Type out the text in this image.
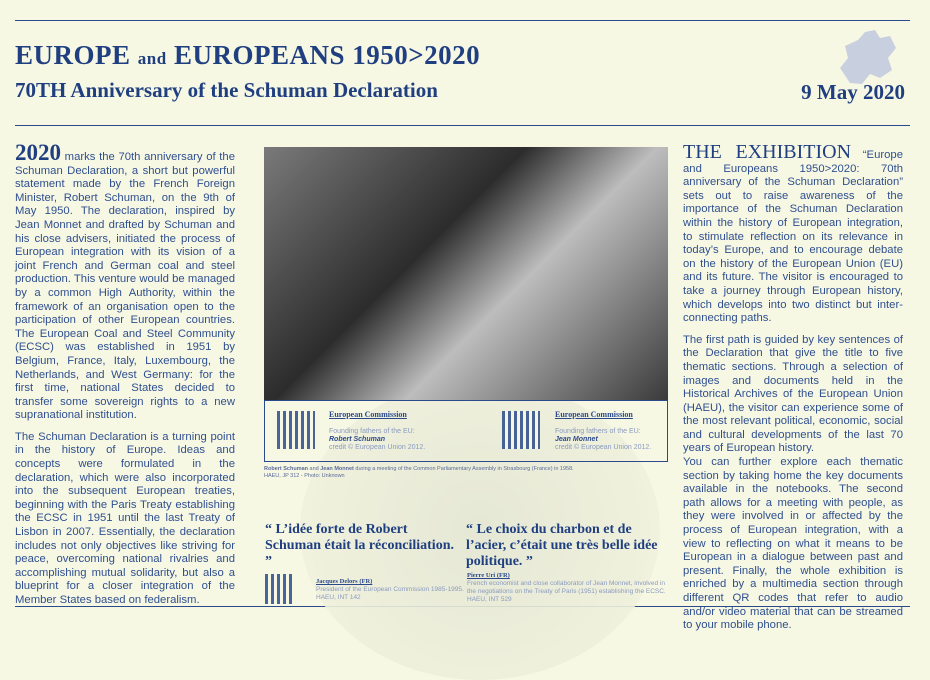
EUROPE and EUROPEANS 1950>2020
70TH Anniversary of the Schuman Declaration	9 May 2020

2020 marks the 70th anniversary of the Schuman Declaration, a short but powerful statement made by the French Foreign Minister, Robert Schuman, on the 9th of May 1950. The declaration, inspired by Jean Monnet and drafted by Schuman and his close advisers, initiated the process of European integration with its vision of a joint French and German coal and steel production. This venture would be managed by a common High Authority, within the framework of an organisation open to the participation of other European countries. The European Coal and Steel Community (ECSC) was established in 1951 by Belgium, France, Italy, Luxembourg, the Netherlands, and West Germany: for the first time, national States decided to transfer some sovereign rights to a new supranational institution.

The Schuman Declaration is a turning point in the history of Europe. Ideas and concepts were formulated in the declaration, which were also incorporated into the subsequent European treaties, beginning with the Paris Treaty establishing the ECSC in 1951 until the last Treaty of Lisbon in 2007. Essentially, the declaration includes not only objectives like striving for peace, overcoming national rivalries and accomplishing mutual solidarity, but also a blueprint for a closer integration of the Member States based on federalism.

European Commission

Founding fathers of the EU:
Robert Schuman
credit © European Union 2012.
European Commission

Founding fathers of the EU:
Jean Monnet
credit © European Union 2012.
Robert Schuman and Jean Monnet during a meeting of the Common Parliamentary Assembly in Strasbourg (France) in 1958.
HAEU, JP 312 - Photo: Unknown
“ L’idée forte de Robert Schuman était la réconciliation. ”
Jacques Delors (FR)
President of the European Commission 1985-1995.
HAEU, INT 142
“ Le choix du charbon et de l’acier, c’était une très belle idée politique. ”
Pierre Uri (FR)
French economist and close collaborator of Jean Monnet, involved in the negotiations on the Treaty of Paris (1951) establishing the ECSC.
HAEU, INT 529

THE EXHIBITION “Europe and Europeans 1950>2020: 70th anniversary of the Schuman Declaration” sets out to raise awareness of the importance of the Schuman Declaration within the history of European integration, to stimulate reflection on its relevance in today’s Europe, and to encourage debate on the history of the European Union (EU) and its future. The visitor is encouraged to take a journey through European history, which develops into two distinct but inter-connecting paths.

The first path is guided by key sentences of the Declaration that give the title to five thematic sections. Through a selection of images and documents held in the Historical Archives of the European Union (HAEU), the visitor can experience some of the most relevant political, economic, social and cultural developments of the last 70 years of European history.

You can further explore each thematic section by taking home the key documents available in the notebooks. The second path allows for a meeting with people, as they were involved in or affected by the process of European integration, with a view to reflecting on what it means to be European in a dialogue between past and present. Finally, the whole exhibition is enriched by a multimedia section through different QR codes that refer to audio and/or video material that can be streamed to your mobile phone.
